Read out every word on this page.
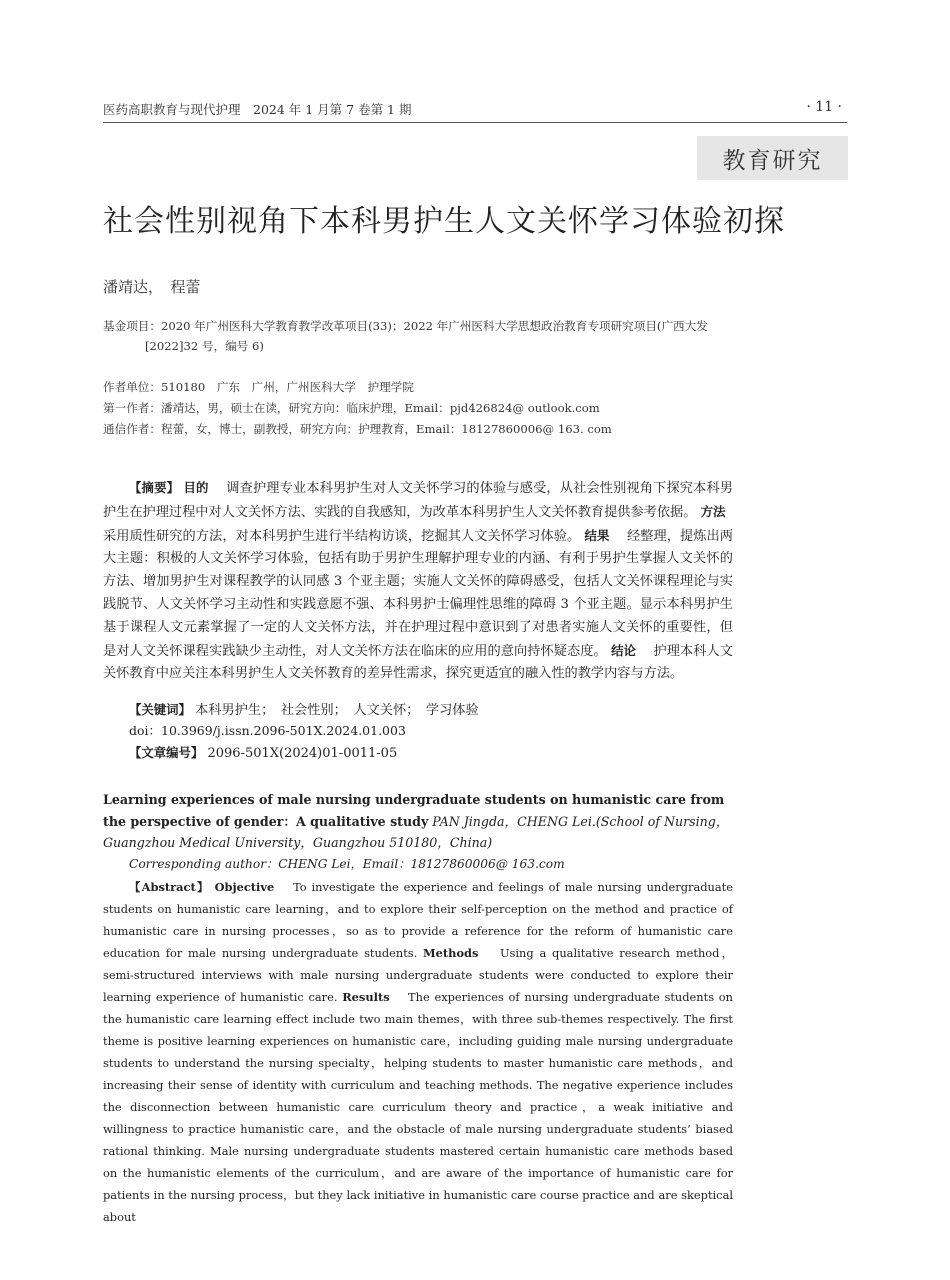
医药高职教育与现代护理　2024 年 1 月第 7 卷第 1 期	· 11 ·
教育研究
社会性别视角下本科男护生人文关怀学习体验初探
潘靖达，　程蕾
基金项目：2020 年广州医科大学教育教学改革项目(33)；2022 年广州医科大学思想政治教育专项研究项目(广西大发
[2022]32 号，编号 6)
作者单位：510180　广东　广州，广州医科大学　护理学院
第一作者：潘靖达，男，硕士在读，研究方向：临床护理，Email：pjd426824@ outlook.com
通信作者：程蕾，女，博士，副教授，研究方向：护理教育，Email：18127860006@ 163. com

【摘要】 目的　 调查护理专业本科男护生对人文关怀学习的体验与感受，从社会性别视角下探究本科男护生在护理过程中对人文关怀方法、实践的自我感知，为改革本科男护生人文关怀教育提供参考依据。 方法　 采用质性研究的方法，对本科男护生进行半结构访谈，挖掘其人文关怀学习体验。 结果　 经整理，提炼出两大主题：积极的人文关怀学习体验，包括有助于男护生理解护理专业的内涵、有利于男护生掌握人文关怀的方法、增加男护生对课程教学的认同感 3 个亚主题；实施人文关怀的障碍感受，包括人文关怀课程理论与实践脱节、人文关怀学习主动性和实践意愿不强、本科男护士偏理性思维的障碍 3 个亚主题。显示本科男护生基于课程人文元素掌握了一定的人文关怀方法，并在护理过程中意识到了对患者实施人文关怀的重要性，但是对人文关怀课程实践缺少主动性，对人文关怀方法在临床的应用的意向持怀疑态度。 结论　 护理本科人文关怀教育中应关注本科男护生人文关怀教育的差异性需求，探究更适宜的融入性的教学内容与方法。

【关键词】 本科男护生；　社会性别；　人文关怀；　学习体验
doi：10.3969/j.issn.2096-501X.2024.01.003
【文章编号】 2096-501X(2024)01-0011-05
Learning experiences of male nursing undergraduate students on humanistic care from the perspective of gender：A qualitative study PAN Jingda，CHENG Lei.(School of Nursing，Guangzhou Medical University，Guangzhou 510180，China)
Corresponding author：CHENG Lei，Email：18127860006@ 163.com

【Abstract】 Objective　 To investigate the experience and feelings of male nursing undergraduate students on humanistic care learning，and to explore their self-perception on the method and practice of humanistic care in nursing processes，so as to provide a reference for the reform of humanistic care education for male nursing undergraduate students. Methods　 Using a qualitative research method，semi-structured interviews with male nursing undergraduate students were conducted to explore their learning experience of humanistic care. Results　 The experiences of nursing undergraduate students on the humanistic care learning effect include two main themes，with three sub-themes respectively. The first theme is positive learning experiences on humanistic care，including guiding male nursing undergraduate students to understand the nursing specialty，helping students to master humanistic care methods，and increasing their sense of identity with curriculum and teaching methods. The negative experience includes the disconnection between humanistic care curriculum theory and practice，a weak initiative and willingness to practice humanistic care，and the obstacle of male nursing undergraduate students’ biased rational thinking. Male nursing undergraduate students mastered certain humanistic care methods based on the humanistic elements of the curriculum，and are aware of the importance of humanistic care for patients in the nursing process，but they lack initiative in humanistic care course practice and are skeptical about
